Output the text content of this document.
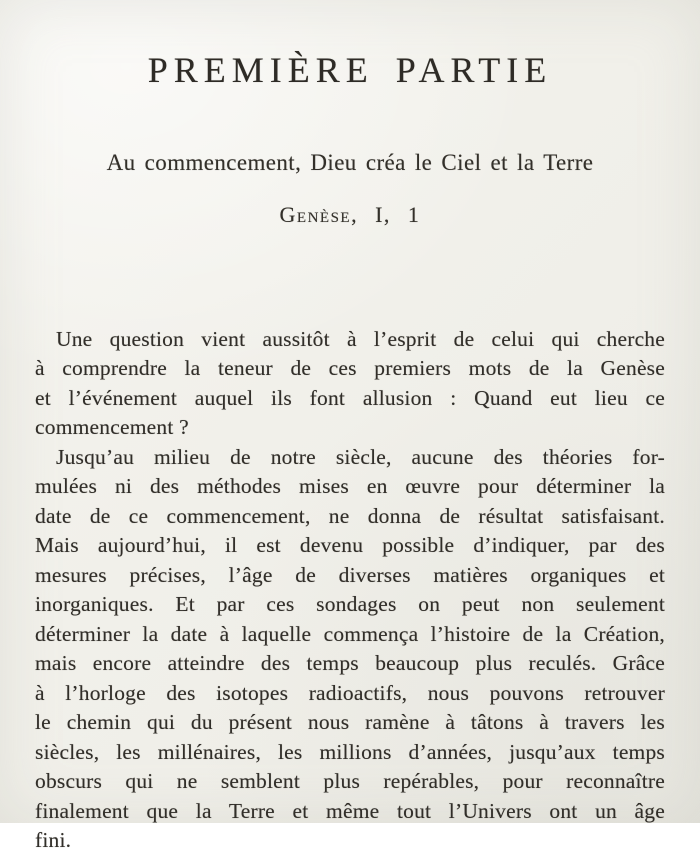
PREMIÈRE PARTIE

Au commencement, Dieu créa le Ciel et la Terre

Genèse, I, 1

Une question vient aussitôt à l’esprit de celui qui cherche
à comprendre la teneur de ces premiers mots de la Genèse
et l’événement auquel ils font allusion : Quand eut lieu ce
commencement ?
Jusqu’au milieu de notre siècle, aucune des théories for-
mulées ni des méthodes mises en œuvre pour déterminer la
date de ce commencement, ne donna de résultat satisfaisant.
Mais aujourd’hui, il est devenu possible d’indiquer, par des
mesures précises, l’âge de diverses matières organiques et
inorganiques. Et par ces sondages on peut non seulement
déterminer la date à laquelle commença l’histoire de la Création,
mais encore atteindre des temps beaucoup plus reculés. Grâce
à l’horloge des isotopes radioactifs, nous pouvons retrouver
le chemin qui du présent nous ramène à tâtons à travers les
siècles, les millénaires, les millions d’années, jusqu’aux temps
obscurs qui ne semblent plus repérables, pour reconnaître
finalement que la Terre et même tout l’Univers ont un âge
fini.
